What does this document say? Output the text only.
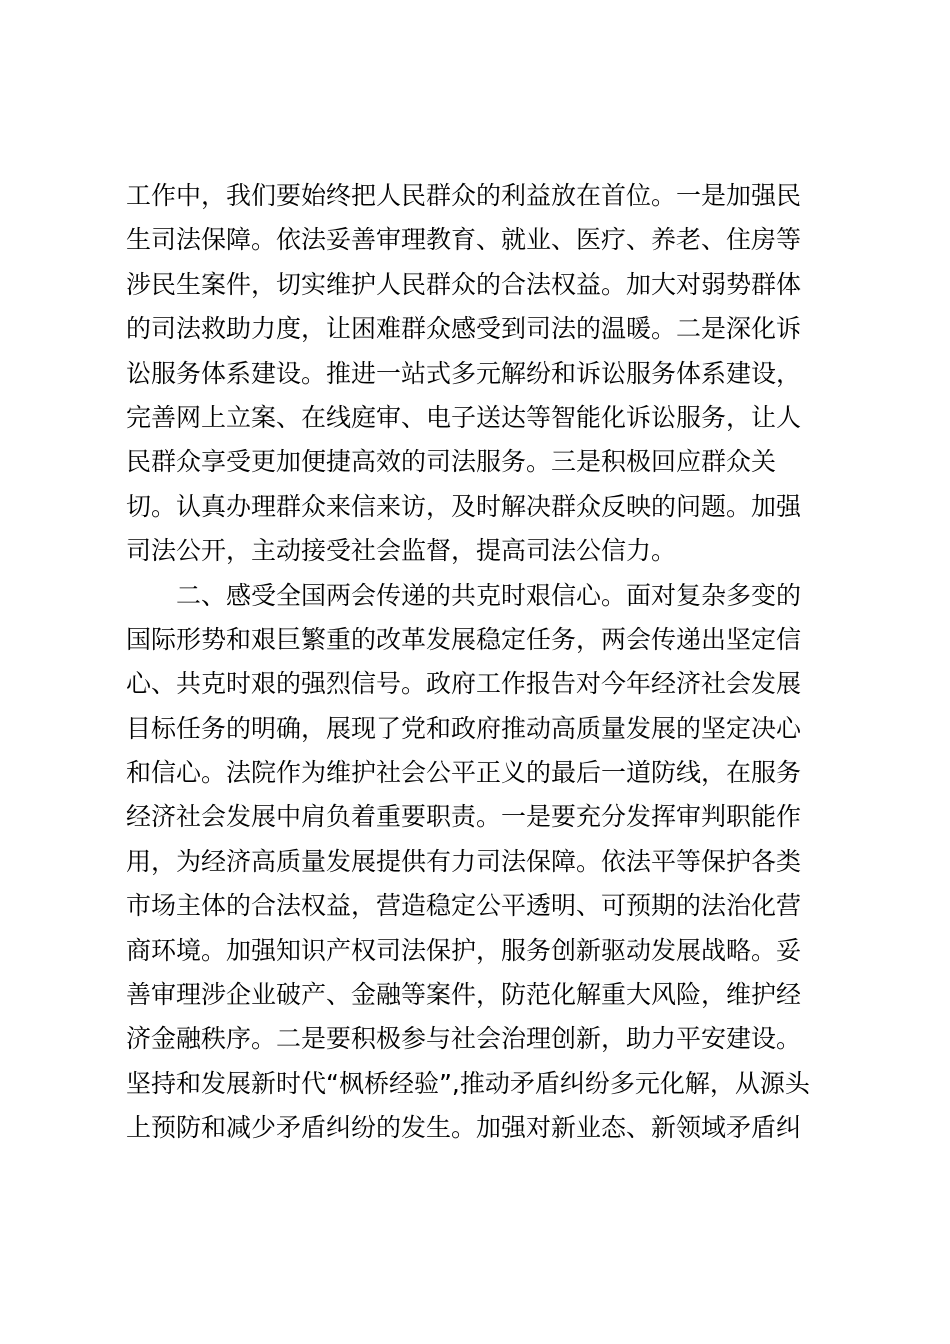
工作中，我们要始终把人民群众的利益放在首位。一是加强民
生司法保障。依法妥善审理教育、就业、医疗、养老、住房等
涉民生案件，切实维护人民群众的合法权益。加大对弱势群体
的司法救助力度，让困难群众感受到司法的温暖。二是深化诉
讼服务体系建设。推进一站式多元解纷和诉讼服务体系建设，
完善网上立案、在线庭审、电子送达等智能化诉讼服务，让人
民群众享受更加便捷高效的司法服务。三是积极回应群众关
切。认真办理群众来信来访，及时解决群众反映的问题。加强
司法公开，主动接受社会监督，提高司法公信力。
二、感受全国两会传递的共克时艰信心。面对复杂多变的
国际形势和艰巨繁重的改革发展稳定任务，两会传递出坚定信
心、共克时艰的强烈信号。政府工作报告对今年经济社会发展
目标任务的明确，展现了党和政府推动高质量发展的坚定决心
和信心。法院作为维护社会公平正义的最后一道防线，在服务
经济社会发展中肩负着重要职责。一是要充分发挥审判职能作
用，为经济高质量发展提供有力司法保障。依法平等保护各类
市场主体的合法权益，营造稳定公平透明、可预期的法治化营
商环境。加强知识产权司法保护，服务创新驱动发展战略。妥
善审理涉企业破产、金融等案件，防范化解重大风险，维护经
济金融秩序。二是要积极参与社会治理创新，助力平安建设。
坚持和发展新时代“枫桥经验”,推动矛盾纠纷多元化解，从源头
上预防和减少矛盾纠纷的发生。加强对新业态、新领域矛盾纠
